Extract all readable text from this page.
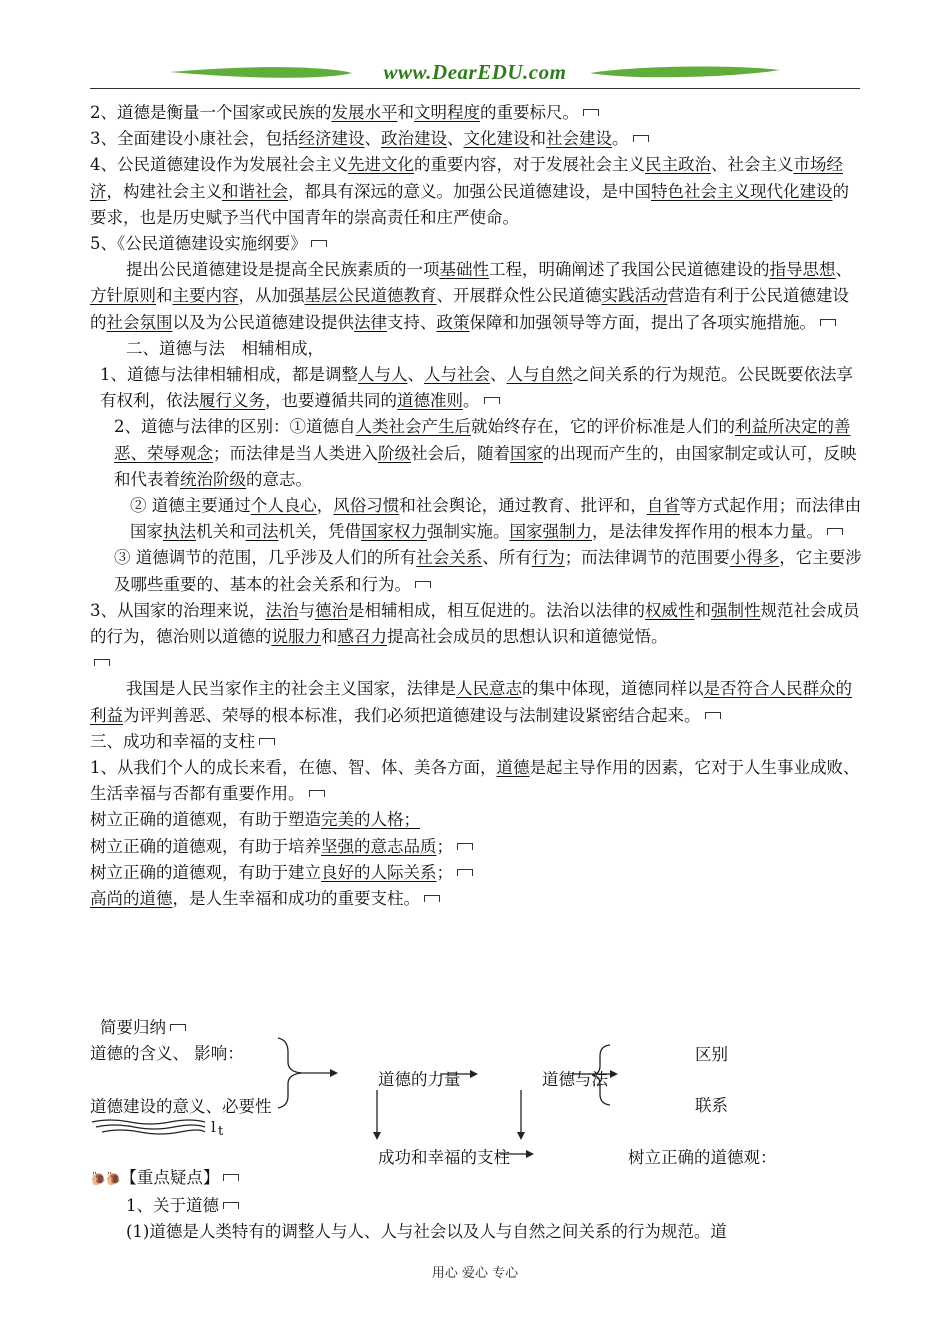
www.DearEDU.com

2、道德是衡量一个国家或民族的发展水平和文明程度的重要标尺。

3、全面建设小康社会，包括经济建设、政治建设、文化建设和社会建设。

4、公民道德建设作为发展社会主义先进文化的重要内容，对于发展社会主义民主政治、社会主义市场经济，构建社会主义和谐社会，都具有深远的意义。加强公民道德建设，是中国特色社会主义现代化建设的要求，也是历史赋予当代中国青年的崇高责任和庄严使命。

5、《公民道德建设实施纲要》

提出公民道德建设是提高全民族素质的一项基础性工程，明确阐述了我国公民道德建设的指导思想、方针原则和主要内容，从加强基层公民道德教育、开展群众性公民道德实践活动营造有利于公民道德建设的社会氛围以及为公民道德建设提供法律支持、政策保障和加强领导等方面，提出了各项实施措施。

二、道德与法　相辅相成，

1、道德与法律相辅相成，都是调整人与人、人与社会、人与自然之间关系的行为规范。公民既要依法享有权利，依法履行义务，也要遵循共同的道德准则。

2、道德与法律的区别：①道德自人类社会产生后就始终存在，它的评价标准是人们的利益所决定的善恶、荣辱观念；而法律是当人类进入阶级社会后，随着国家的出现而产生的，由国家制定或认可，反映和代表着统治阶级的意志。

② 道德主要通过个人良心，风俗习惯和社会舆论，通过教育、批评和，自省等方式起作用；而法律由国家执法机关和司法机关，凭借国家权力强制实施。国家强制力，是法律发挥作用的根本力量。

③ 道德调节的范围，几乎涉及人们的所有社会关系、所有行为；而法律调节的范围要小得多，它主要涉及哪些重要的、基本的社会关系和行为。

3、从国家的治理来说，法治与德治是相辅相成，相互促进的。法治以法律的权威性和强制性规范社会成员的行为，德治则以道德的说服力和感召力提高社会成员的思想认识和道德觉悟。

我国是人民当家作主的社会主义国家，法律是人民意志的集中体现，道德同样以是否符合人民群众的利益为评判善恶、荣辱的根本标准，我们必须把道德建设与法制建设紧密结合起来。

三、成功和幸福的支柱

1、从我们个人的成长来看，在德、智、体、美各方面，道德是起主导作用的因素，它对于人生事业成败、生活幸福与否都有重要作用。

树立正确的道德观，有助于塑造完美的人格；

树立正确的道德观，有助于培养坚强的意志品质；

树立正确的道德观，有助于建立良好的人际关系；

高尚的道德，是人生幸福和成功的重要支柱。

简要归纳
道德的含义、 影响：
道德建设的意义、必要性
道德的力量	道德与法
区别
联系
成功和幸福的支柱	树立正确的道德观：
l t

🐌🐌【重点疑点】

1、关于道德

(1)道德是人类特有的调整人与人、人与社会以及人与自然之间关系的行为规范。道

用心 爱心 专心
